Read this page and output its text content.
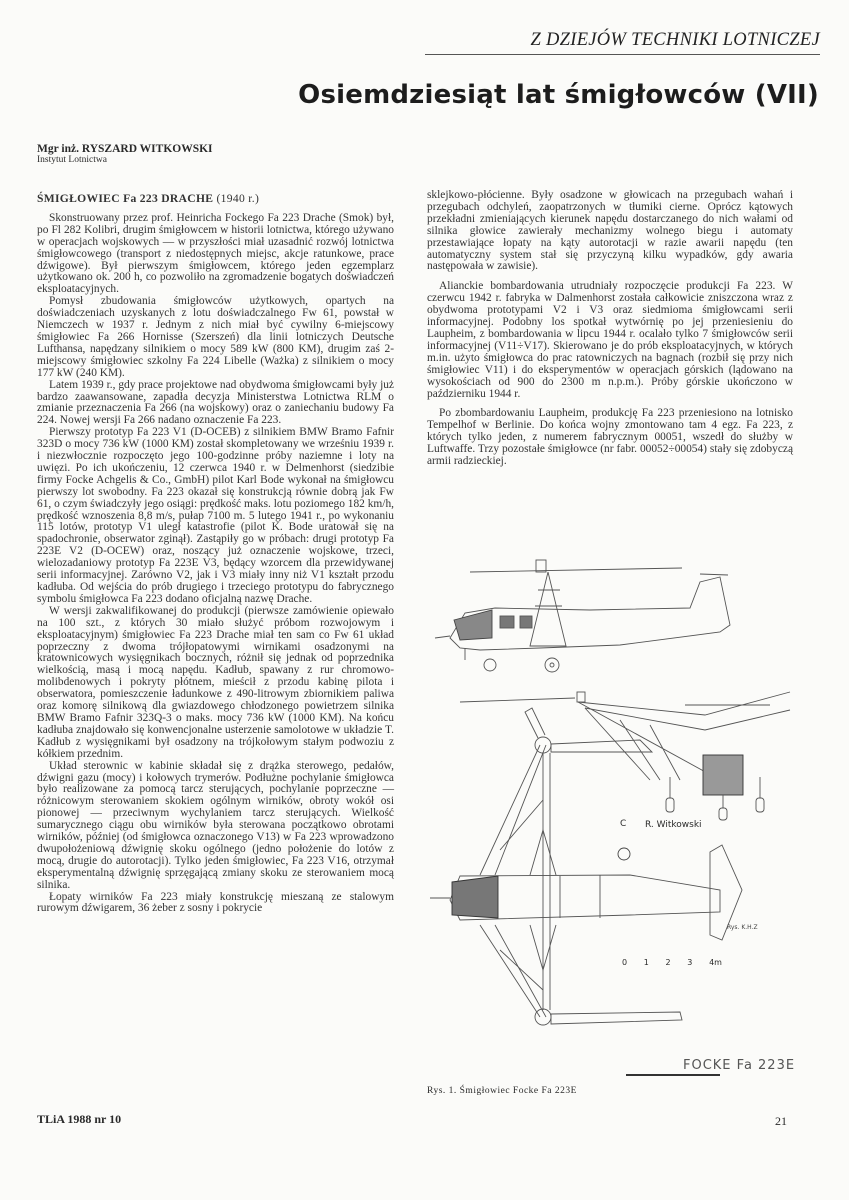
Z DZIEJÓW TECHNIKI LOTNICZEJ
Osiemdziesiąt lat śmigłowców (VII)
Mgr inż. RYSZARD WITKOWSKI
Instytut Lotnictwa
ŚMIGŁOWIEC Fa 223 DRACHE (1940 r.)

Skonstruowany przez prof. Heinricha Fockego Fa 223 Drache (Smok) był, po Fl 282 Kolibri, drugim śmigłowcem w historii lotnictwa, którego używano w operacjach wojskowych — w przyszłości miał uzasadnić rozwój lotnictwa śmigłowcowego (transport z niedostępnych miejsc, akcje ratunkowe, prace dźwigowe). Był pierwszym śmigłowcem, którego jeden egzemplarz użytkowano ok. 200 h, co pozwoliło na zgromadzenie bogatych doświadczeń eksploatacyjnych.

Pomysł zbudowania śmigłowców użytkowych, opartych na doświadczeniach uzyskanych z lotu doświadczalnego Fw 61, powstał w Niemczech w 1937 r. Jednym z nich miał być cywilny 6-miejscowy śmigłowiec Fa 266 Hornisse (Szerszeń) dla linii lotniczych Deutsche Lufthansa, napędzany silnikiem o mocy 589 kW (800 KM), drugim zaś 2-miejscowy śmigłowiec szkolny Fa 224 Libelle (Ważka) z silnikiem o mocy 177 kW (240 KM).

Latem 1939 r., gdy prace projektowe nad obydwoma śmigłowcami były już bardzo zaawansowane, zapadła decyzja Ministerstwa Lotnictwa RLM o zmianie przeznaczenia Fa 266 (na wojskowy) oraz o zaniechaniu budowy Fa 224. Nowej wersji Fa 266 nadano oznaczenie Fa 223.

Pierwszy prototyp Fa 223 V1 (D-OCEB) z silnikiem BMW Bramo Fafnir 323D o mocy 736 kW (1000 KM) został skompletowany we wrześniu 1939 r. i niezwłocznie rozpoczęto jego 100-godzinne próby naziemne i loty na uwięzi. Po ich ukończeniu, 12 czerwca 1940 r. w Delmenhorst (siedzibie firmy Focke Achgelis & Co., GmbH) pilot Karl Bode wykonał na śmigłowcu pierwszy lot swobodny. Fa 223 okazał się konstrukcją równie dobrą jak Fw 61, o czym świadczyły jego osiągi: prędkość maks. lotu poziomego 182 km/h, prędkość wznoszenia 8,8 m/s, pułap 7100 m. 5 lutego 1941 r., po wykonaniu 115 lotów, prototyp V1 uległ katastrofie (pilot K. Bode uratował się na spadochronie, obserwator zginął). Zastąpiły go w próbach: drugi prototyp Fa 223E V2 (D-OCEW) oraz, noszący już oznaczenie wojskowe, trzeci, wielozadaniowy prototyp Fa 223E V3, będący wzorcem dla przewidywanej serii informacyjnej. Zarówno V2, jak i V3 miały inny niż V1 kształt przodu kadłuba. Od wejścia do prób drugiego i trzeciego prototypu do fabrycznego symbolu śmigłowca Fa 223 dodano oficjalną nazwę Drache.

W wersji zakwalifikowanej do produkcji (pierwsze zamówienie opiewało na 100 szt., z których 30 miało służyć próbom rozwojowym i eksploatacyjnym) śmigłowiec Fa 223 Drache miał ten sam co Fw 61 układ poprzeczny z dwoma trójłopatowymi wirnikami osadzonymi na kratownicowych wysięgnikach bocznych, różnił się jednak od poprzednika wielkością, masą i mocą napędu. Kadłub, spawany z rur chromowo-molibdenowych i pokryty płótnem, mieścił z przodu kabinę pilota i obserwatora, pomieszczenie ładunkowe z 490-litrowym zbiornikiem paliwa oraz komorę silnikową dla gwiazdowego chłodzonego powietrzem silnika BMW Bramo Fafnir 323Q-3 o maks. mocy 736 kW (1000 KM). Na końcu kadłuba znajdowało się konwencjonalne usterzenie samolotowe w układzie T. Kadłub z wysięgnikami był osadzony na trójkołowym stałym podwoziu z kółkiem przednim.

Układ sterownic w kabinie składał się z drążka sterowego, pedałów, dźwigni gazu (mocy) i kołowych trymerów. Podłużne pochylanie śmigłowca było realizowane za pomocą tarcz sterujących, pochylanie poprzeczne — różnicowym sterowaniem skokiem ogólnym wirników, obroty wokół osi pionowej — przeciwnym wychylaniem tarcz sterujących. Wielkość sumarycznego ciągu obu wirników była sterowana początkowo obrotami wirników, później (od śmigłowca oznaczonego V13) w Fa 223 wprowadzono dwupołożeniową dźwignię skoku ogólnego (jedno położenie do lotów z mocą, drugie do autorotacji). Tylko jeden śmigłowiec, Fa 223 V16, otrzymał eksperymentalną dźwignię sprzęgającą zmiany skoku ze sterowaniem mocą silnika.

Łopaty wirników Fa 223 miały konstrukcję mieszaną ze stalowym rurowym dźwigarem, 36 żeber z sosny i pokrycie

sklejkowo-płócienne. Były osadzone w głowicach na przegubach wahań i przegubach odchyleń, zaopatrzonych w tłumiki cierne. Oprócz kątowych przekładni zmieniających kierunek napędu dostarczanego do nich wałami od silnika głowice zawierały mechanizmy wolnego biegu i automaty przestawiające łopaty na kąty autorotacji w razie awarii napędu (ten automatyczny system stał się przyczyną kilku wypadków, gdy awaria następowała w zawisie).

Alianckie bombardowania utrudniały rozpoczęcie produkcji Fa 223. W czerwcu 1942 r. fabryka w Dalmenhorst została całkowicie zniszczona wraz z obydwoma prototypami V2 i V3 oraz siedmioma śmigłowcami serii informacyjnej. Podobny los spotkał wytwórnię po jej przeniesieniu do Laupheim, z bombardowania w lipcu 1944 r. ocalało tylko 7 śmigłowców serii informacyjnej (V11÷V17). Skierowano je do prób eksploatacyjnych, w których m.in. użyto śmigłowca do prac ratowniczych na bagnach (rozbił się przy nich śmigłowiec V11) i do eksperymentów w operacjach górskich (lądowano na wysokościach od 900 do 2300 m n.p.m.). Próby górskie ukończono w październiku 1944 r.

Po zbombardowaniu Laupheim, produkcję Fa 223 przeniesiono na lotnisko Tempelhof w Berlinie. Do końca wojny zmontowano tam 4 egz. Fa 223, z których tylko jeden, z numerem fabrycznym 00051, wszedł do służby w Luftwaffe. Trzy pozostałe śmigłowce (nr fabr. 00052÷00054) stały się zdobyczą armii radzieckiej.

C R. Witkowski
Rys. K.H.Z
0 1 2 3 4m
FOCKE Fa 223E
Rys. 1. Śmigłowiec Focke Fa 223E
TLiA 1988 nr 10	21
